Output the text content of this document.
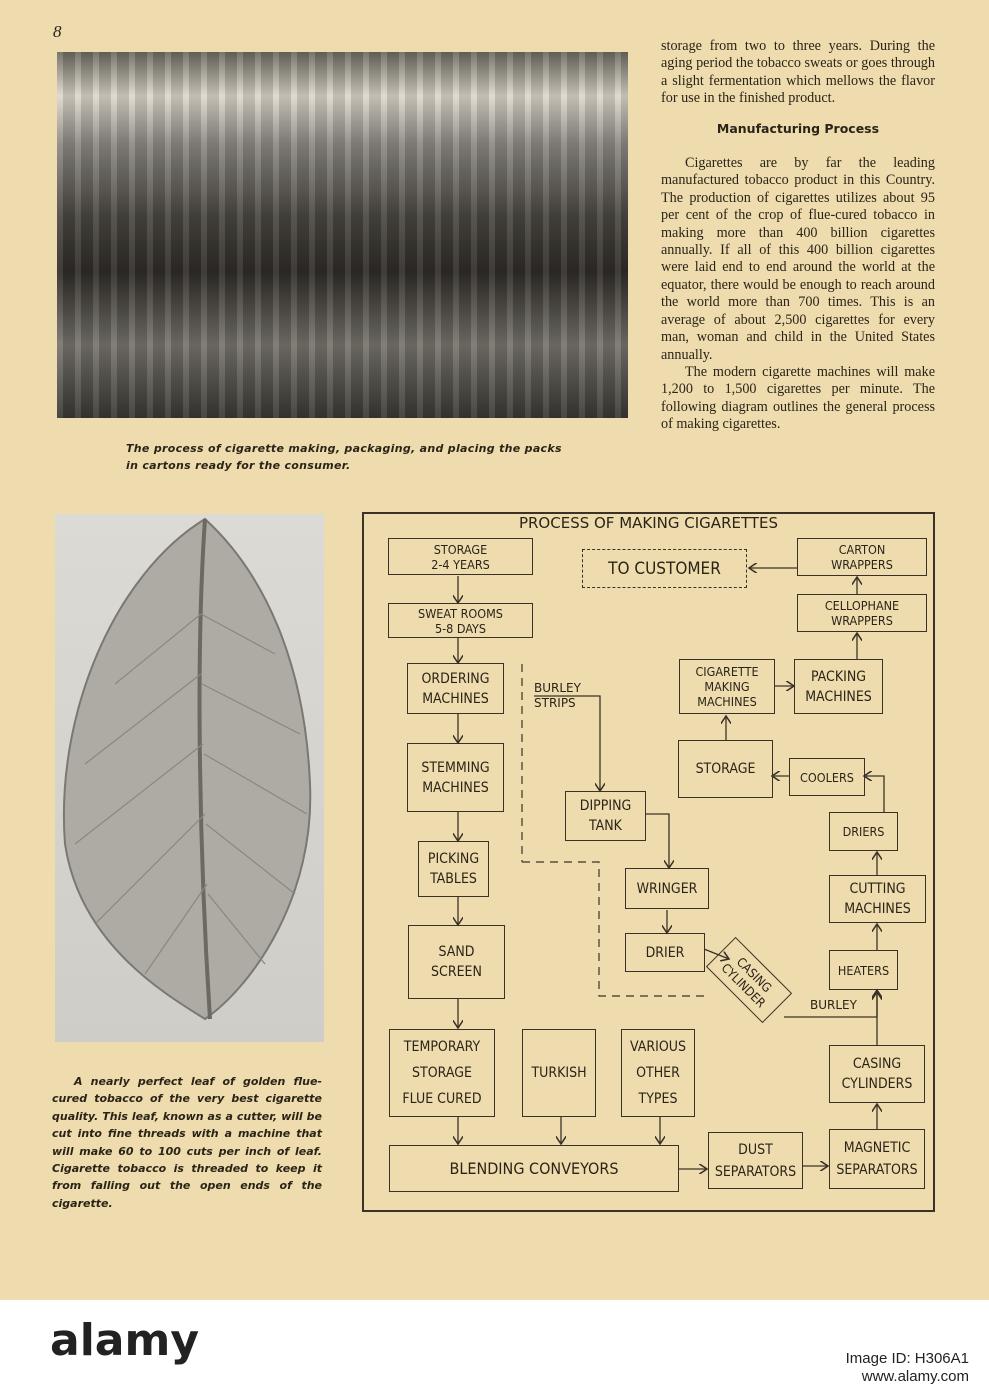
8
The process of cigarette making, packaging, and placing the packs in cartons ready for the consumer.

storage from two to three years. During the aging period the tobacco sweats or goes through a slight fermentation which mellows the flavor for use in the finished product.

Manufacturing Process

Cigarettes are by far the leading manufactured tobacco product in this Country. The production of cigarettes utilizes about 95 per cent of the crop of flue-cured tobacco in making more than 400 billion cigarettes annually. If all of this 400 billion cigarettes were laid end to end around the world at the equator, there would be enough to reach around the world more than 700 times. This is an average of about 2,500 cigarettes for every man, woman and child in the United States annually.

The modern cigarette machines will make 1,200 to 1,500 cigarettes per minute. The following diagram outlines the general process of making cigarettes.

A nearly perfect leaf of golden flue-cured tobacco of the very best cigarette quality. This leaf, known as a cutter, will be cut into fine threads with a machine that will make 60 to 100 cuts per inch of leaf. Cigarette tobacco is threaded to keep it from falling out the open ends of the cigarette.
PROCESS OF MAKING CIGARETTES
STORAGE
2-4 YEARS	TO CUSTOMER
CARTON
WRAPPERS
SWEAT ROOMS
5-8 DAYS
CELLOPHANE
WRAPPERS
ORDERING
MACHINES
BURLEY
STRIPS
CIGARETTE
MAKING
MACHINES
PACKING
MACHINES
STEMMING
MACHINES
STORAGE	COOLERS
DIPPING
TANK	DRIERS
PICKING
TABLES
WRINGER	CUTTING
MACHINES
SAND
SCREEN
DRIER
CASING
CYLINDER	HEATERS
BURLEY
CASING
CYLINDERS
TEMPORARY
STORAGE
FLUE CURED
TURKISH
VARIOUS
OTHER
TYPES
BLENDING CONVEYORS
DUST
SEPARATORS
MAGNETIC
SEPARATORS
alamy	Image ID: H306A1
www.alamy.com
